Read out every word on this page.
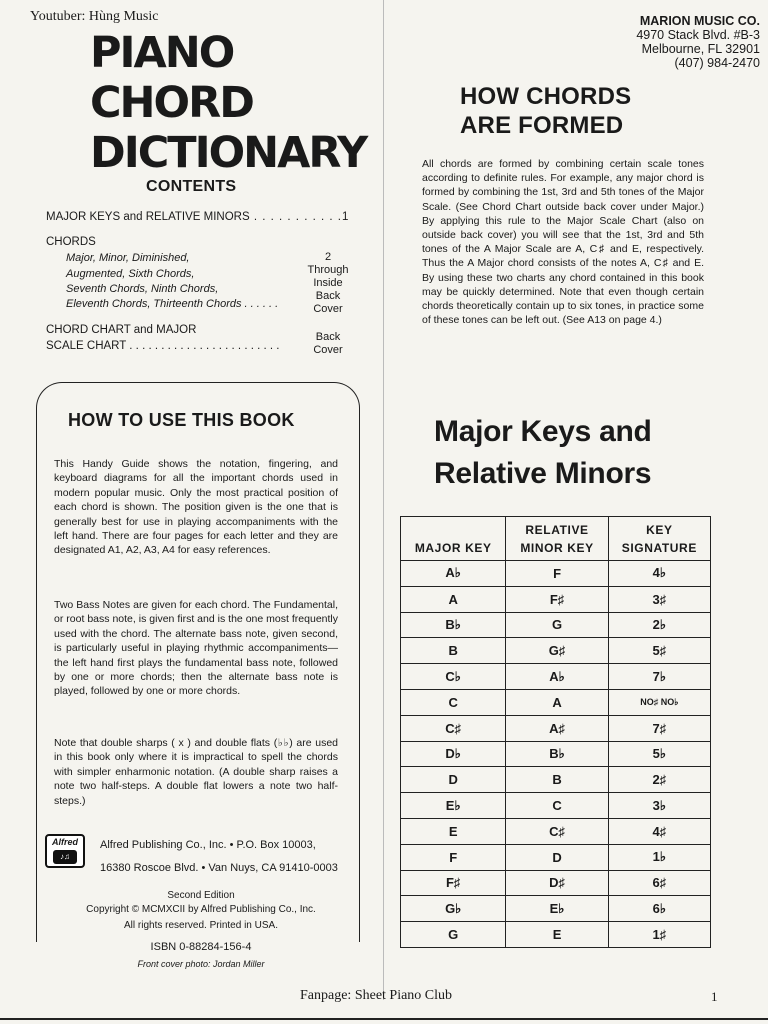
Youtuber: Hùng Music
PIANO
CHORD
DICTIONARY
CONTENTS
MAJOR KEYS and RELATIVE MINORS . . . . . . . . . . .1
CHORDS
Major, Minor, Diminished,
Augmented, Sixth Chords,
Seventh Chords, Ninth Chords,
Eleventh Chords, Thirteenth Chords . . . . . .
2
Through
Inside
Back
Cover
CHORD CHART and MAJOR
SCALE CHART . . . . . . . . . . . . . . . . . . . . . . . .
Back
Cover
HOW TO USE THIS BOOK
This Handy Guide shows the notation, fingering, and keyboard diagrams for all the important chords used in modern popular music. Only the most practical position of each chord is shown. The position given is the one that is generally best for use in playing accompaniments with the left hand. There are four pages for each letter and they are designated A1, A2, A3, A4 for easy references.
Two Bass Notes are given for each chord. The Fundamental, or root bass note, is given first and is the one most frequently used with the chord. The alternate bass note, given second, is particularly useful in playing rhythmic accompaniments—the left hand first plays the fundamental bass note, followed by one or more chords; then the alternate bass note is played, followed by one or more chords.
Note that double sharps ( x ) and double flats (♭♭) are used in this book only where it is impractical to spell the chords with simpler enharmonic notation. (A double sharp raises a note two half-steps. A double flat lowers a note two half-steps.)
Alfred
♪♫
Alfred Publishing Co., Inc. • P.O. Box 10003,
16380 Roscoe Blvd. • Van Nuys, CA 91410-0003
Second Edition
Copyright © MCMXCII by Alfred Publishing Co., Inc.
All rights reserved. Printed in USA.
ISBN 0-88284-156-4
Front cover photo: Jordan Miller
MARION MUSIC CO.
4970 Stack Blvd. #B-3
Melbourne, FL 32901
(407) 984-2470
HOW CHORDS
ARE FORMED
All chords are formed by combining certain scale tones according to definite rules. For example, any major chord is formed by combining the 1st, 3rd and 5th tones of the Major Scale. (See Chord Chart outside back cover under Major.) By applying this rule to the Major Scale Chart (also on outside back cover) you will see that the 1st, 3rd and 5th tones of the A Major Scale are A, C♯ and E, respectively. Thus the A Major chord consists of the notes A, C♯ and E. By using these two charts any chord contained in this book may be quickly determined. Note that even though certain chords theoretically contain up to six tones, in practice some of these tones can be left out. (See A13 on page 4.)
Major Keys and
Relative Minors
MAJOR KEY	RELATIVE MINOR KEY	KEY SIGNATURE
A♭	F	4♭
A	F♯	3♯
B♭	G	2♭
B	G♯	5♯
C♭	A♭	7♭
C	A	NO♯ NO♭
C♯	A♯	7♯
D♭	B♭	5♭
D	B	2♯
E♭	C	3♭
E	C♯	4♯
F	D	1♭
F♯	D♯	6♯
G♭	E♭	6♭
G	E	1♯
Fanpage: Sheet Piano Club	1
